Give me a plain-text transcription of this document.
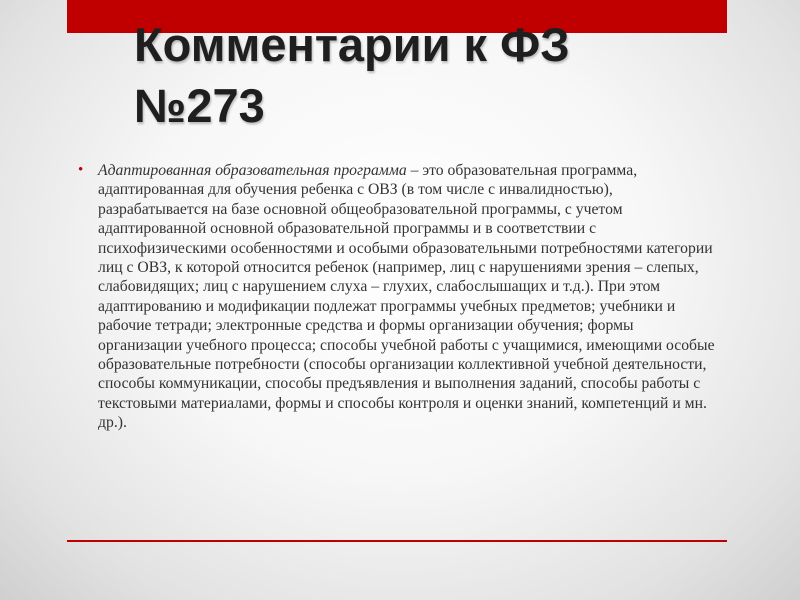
Комментарии к ФЗ
№273
• Адаптированная образовательная программа – это образовательная программа, адаптированная для обучения ребенка с ОВЗ (в том числе с инвалидностью), разрабатывается на базе основной общеобразовательной программы, с учетом адаптированной основной образовательной программы и в соответствии с психофизическими особенностями и особыми образовательными потребностями категории лиц с ОВЗ, к которой относится ребенок (например, лиц с нарушениями зрения – слепых, слабовидящих; лиц с нарушением слуха – глухих, слабослышащих и т.д.). При этом адаптированию и модификации подлежат программы учебных предметов; учебники и рабочие тетради; электронные средства и формы организации обучения; формы организации учебного процесса; способы учебной работы с учащимися, имеющими особые образовательные потребности (способы организации коллективной учебной деятельности, способы коммуникации, способы предъявления и выполнения заданий, способы работы с текстовыми материалами, формы и способы контроля и оценки знаний, компетенций и мн. др.).
